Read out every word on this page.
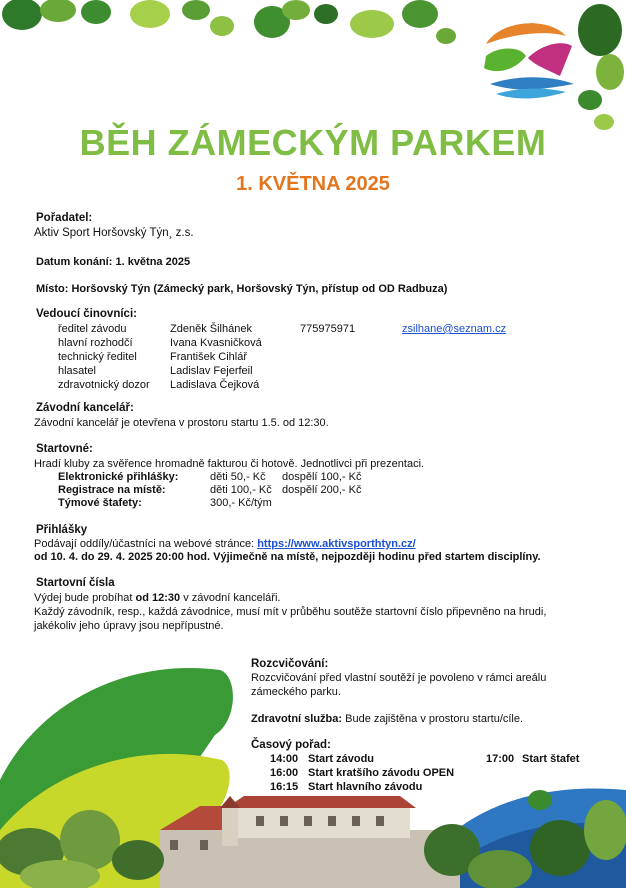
BĚH ZÁMECKÝM PARKEM
1. KVĚTNA 2025
Pořadatel:
Aktiv Sport Horšovský Týn¸ z.s.
Datum konání: 1. května 2025
Místo: Horšovský Týn (Zámecký park, Horšovský Týn, přístup od OD Radbuza)
Vedoucí činovníci:
ředitel závodu	Zdeněk Šilhánek	775975971	zsilhane@seznam.cz
hlavní rozhodčí	Ivana Kvasničková		
technický ředitel	František Cihlář		
hlasatel	Ladislav Fejerfeil		
zdravotnický dozor	Ladislava Čejková		
Závodní kancelář:
Závodní kancelář je otevřena v prostoru startu 1.5. od 12:30.
Startovné:
Hradí kluby za svěřence hromadně fakturou či hotově. Jednotlivci při prezentaci.
Elektronické přihlášky:	děti 50,- Kč	dospělí 100,- Kč
Registrace na místě:	děti 100,- Kč	dospělí 200,- Kč
Týmové štafety:	300,- Kč/tým	
Přihlášky
Podávají oddíly/účastníci na webové stránce: https://www.aktivsporthtyn.cz/
od 10. 4. do 29. 4. 2025 20:00 hod. Výjimečně na místě, nejpozději hodinu před startem disciplíny.
Startovní čísla
Výdej bude probíhat od 12:30 v závodní kanceláři.
Každý závodník, resp., každá závodnice, musí mít v průběhu soutěže startovní číslo připevněno na hrudi,
jakékoliv jeho úpravy jsou nepřípustné.
Rozcvičování:
Rozcvičování před vlastní soutěží je povoleno v rámci areálu
zámeckého parku.
Zdravotní služba: Bude zajištěna v prostoru startu/cíle.
Časový pořad:
14:00	Start závodu	17:00	Start štafet
16:00	Start kratšího závodu OPEN		
16:15	Start hlavního závodu		
